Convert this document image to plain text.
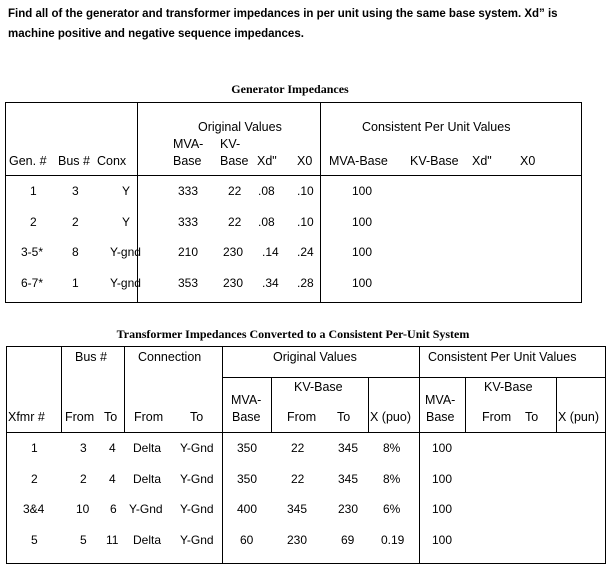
Find all of the generator and transformer impedances in per unit using the same base system. Xd” is
machine positive and negative sequence impedances.
Generator Impedances
Original Values	Consistent Per Unit Values
MVA- KV-
Gen. # Bus # Conx	Base Base Xd" X0 MVA-Base KV-Base Xd" X0
1	3	Y	333 22 .08 .10	100
2	2	Y	333 22 .08 .10	100
3-5* 8	Y-gnd	210 230 .14 .24	100
6-7* 1	Y-gnd	353 230 .34 .28	100
Transformer Impedances Converted to a Consistent Per-Unit System
Bus # Connection	Original Values	Consistent Per Unit Values
KV-Base	KV-Base
MVA-	MVA-
Xfmr # From To From To Base From To X (puo) Base From To X (pun)
1	3 4 Delta Y-Gnd 350	22	345 8%	100
2	2 4 Delta Y-Gnd 350	22	345 8%	100
3&4	10 6 Y-Gnd Y-Gnd 400 345	230 6%	100
5	5 11 Delta Y-Gnd 60	230	69 0.19 100
